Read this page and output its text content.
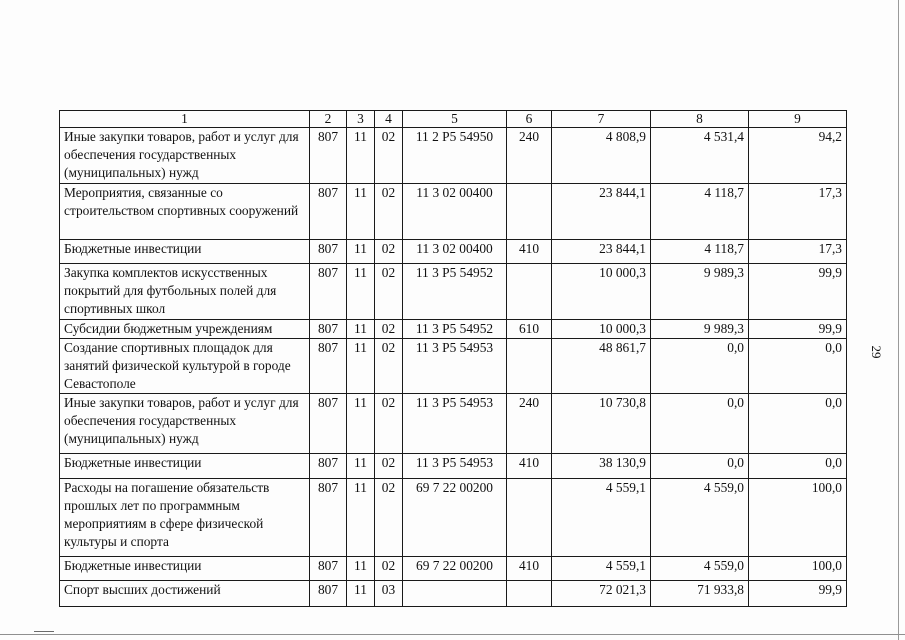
1	2	3	4	5	6	7	8	9
Иные закупки товаров, работ и услуг для обеспечения государственных (муниципальных) нужд	807	11	02	11 2 P5 54950	240	4 808,9	4 531,4	94,2
Мероприятия, связанные со строительством спортивных сооружений	807	11	02	11 3 02 00400		23 844,1	4 118,7	17,3
Бюджетные инвестиции	807	11	02	11 3 02 00400	410	23 844,1	4 118,7	17,3
Закупка комплектов искусственных покрытий для футбольных полей для спортивных школ	807	11	02	11 3 P5 54952		10 000,3	9 989,3	99,9
Субсидии бюджетным учреждениям	807	11	02	11 3 P5 54952	610	10 000,3	9 989,3	99,9
Создание спортивных площадок для занятий физической культурой в городе Севастополе	807	11	02	11 3 P5 54953		48 861,7	0,0	0,0
Иные закупки товаров, работ и услуг для обеспечения государственных (муниципальных) нужд	807	11	02	11 3 P5 54953	240	10 730,8	0,0	0,0
Бюджетные инвестиции	807	11	02	11 3 P5 54953	410	38 130,9	0,0	0,0
Расходы на погашение обязательств прошлых лет по программным мероприятиям в сфере физической культуры и спорта	807	11	02	69 7 22 00200		4 559,1	4 559,0	100,0
Бюджетные инвестиции	807	11	02	69 7 22 00200	410	4 559,1	4 559,0	100,0
Спорт высших достижений	807	11	03			72 021,3	71 933,8	99,9
29
